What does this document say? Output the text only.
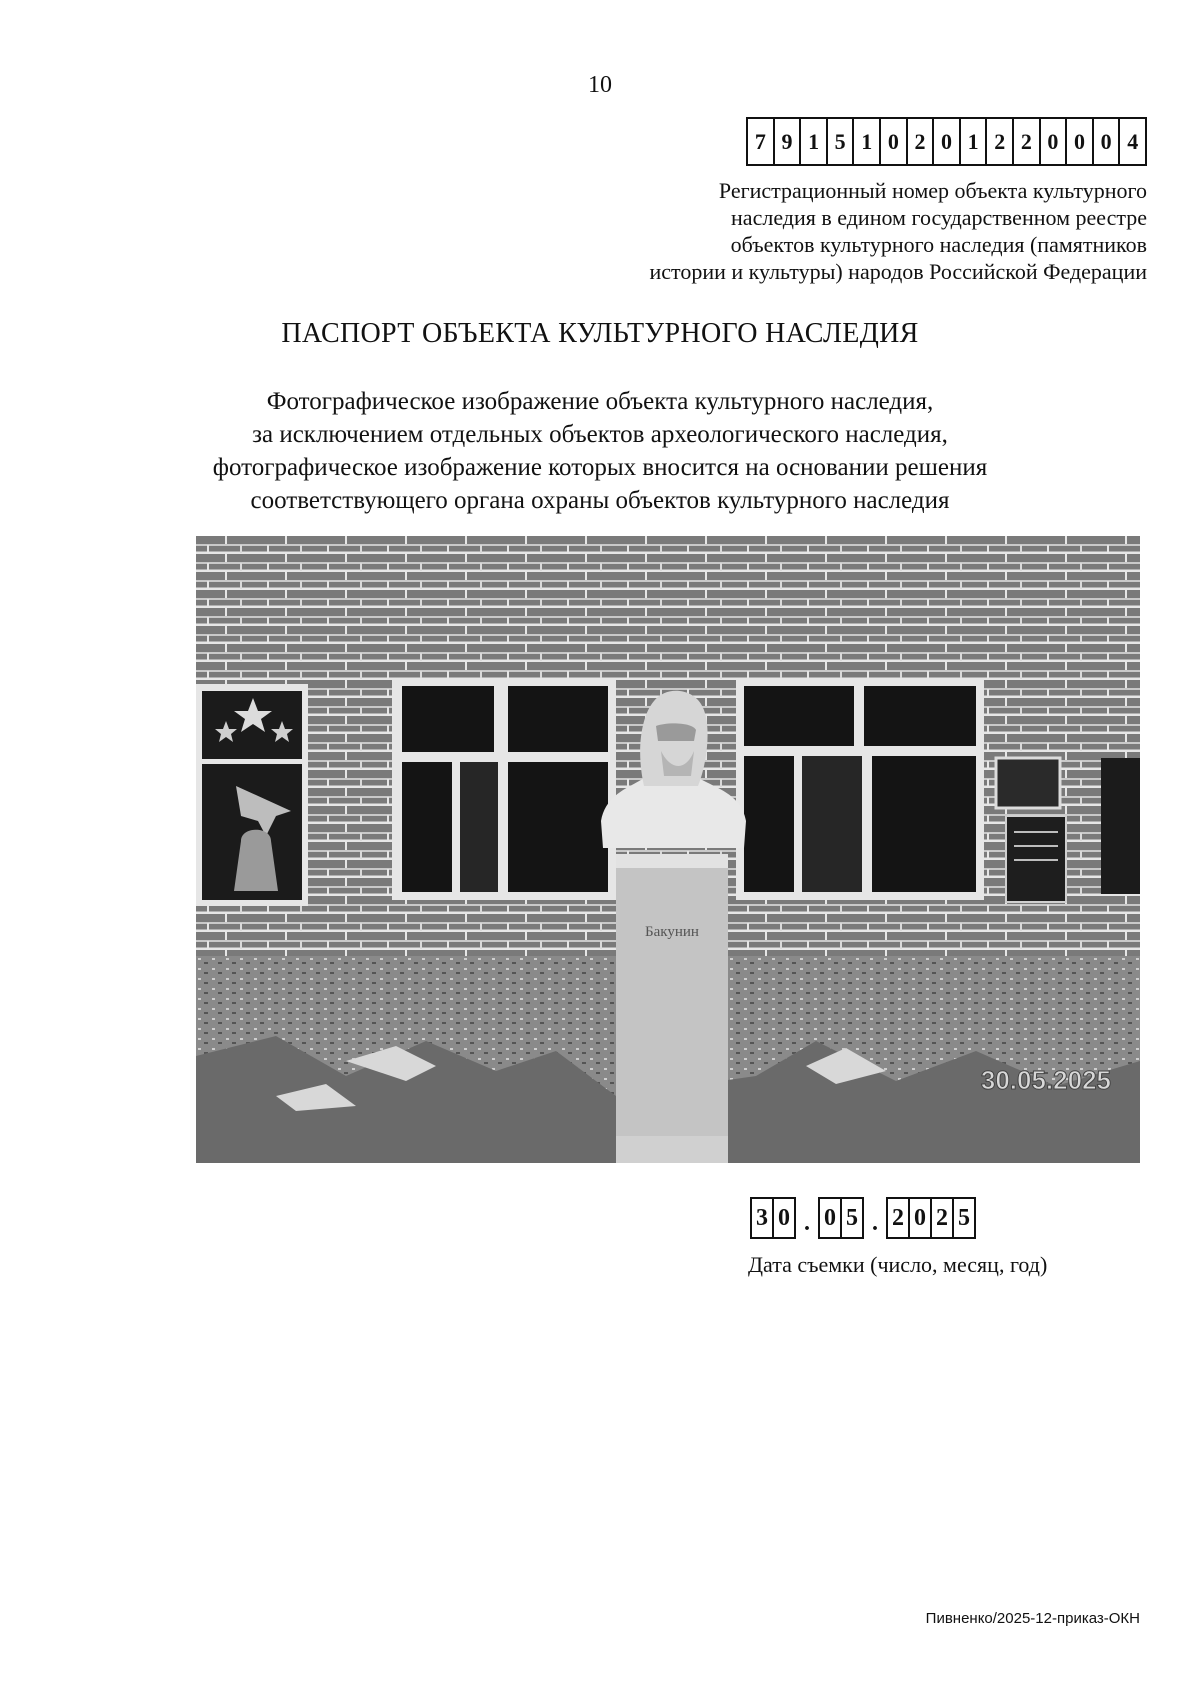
10
7 9 1 5 1 0 2 0 1 2 2 0 0 0 4
Регистрационный номер объекта культурного
наследия в едином государственном реестре
объектов культурного наследия (памятников
истории и культуры) народов Российской Федерации
ПАСПОРТ ОБЪЕКТА КУЛЬТУРНОГО НАСЛЕДИЯ
Фотографическое изображение объекта культурного наследия,
за исключением отдельных объектов археологического наследия,
фотографическое изображение которых вносится на основании решения
соответствующего органа охраны объектов культурного наследия
Бакунин
30.05.2025
3 0 . 0 5 . 2 0 2 5
Дата съемки (число, месяц, год)
Пивненко/2025-12-приказ-ОКН
